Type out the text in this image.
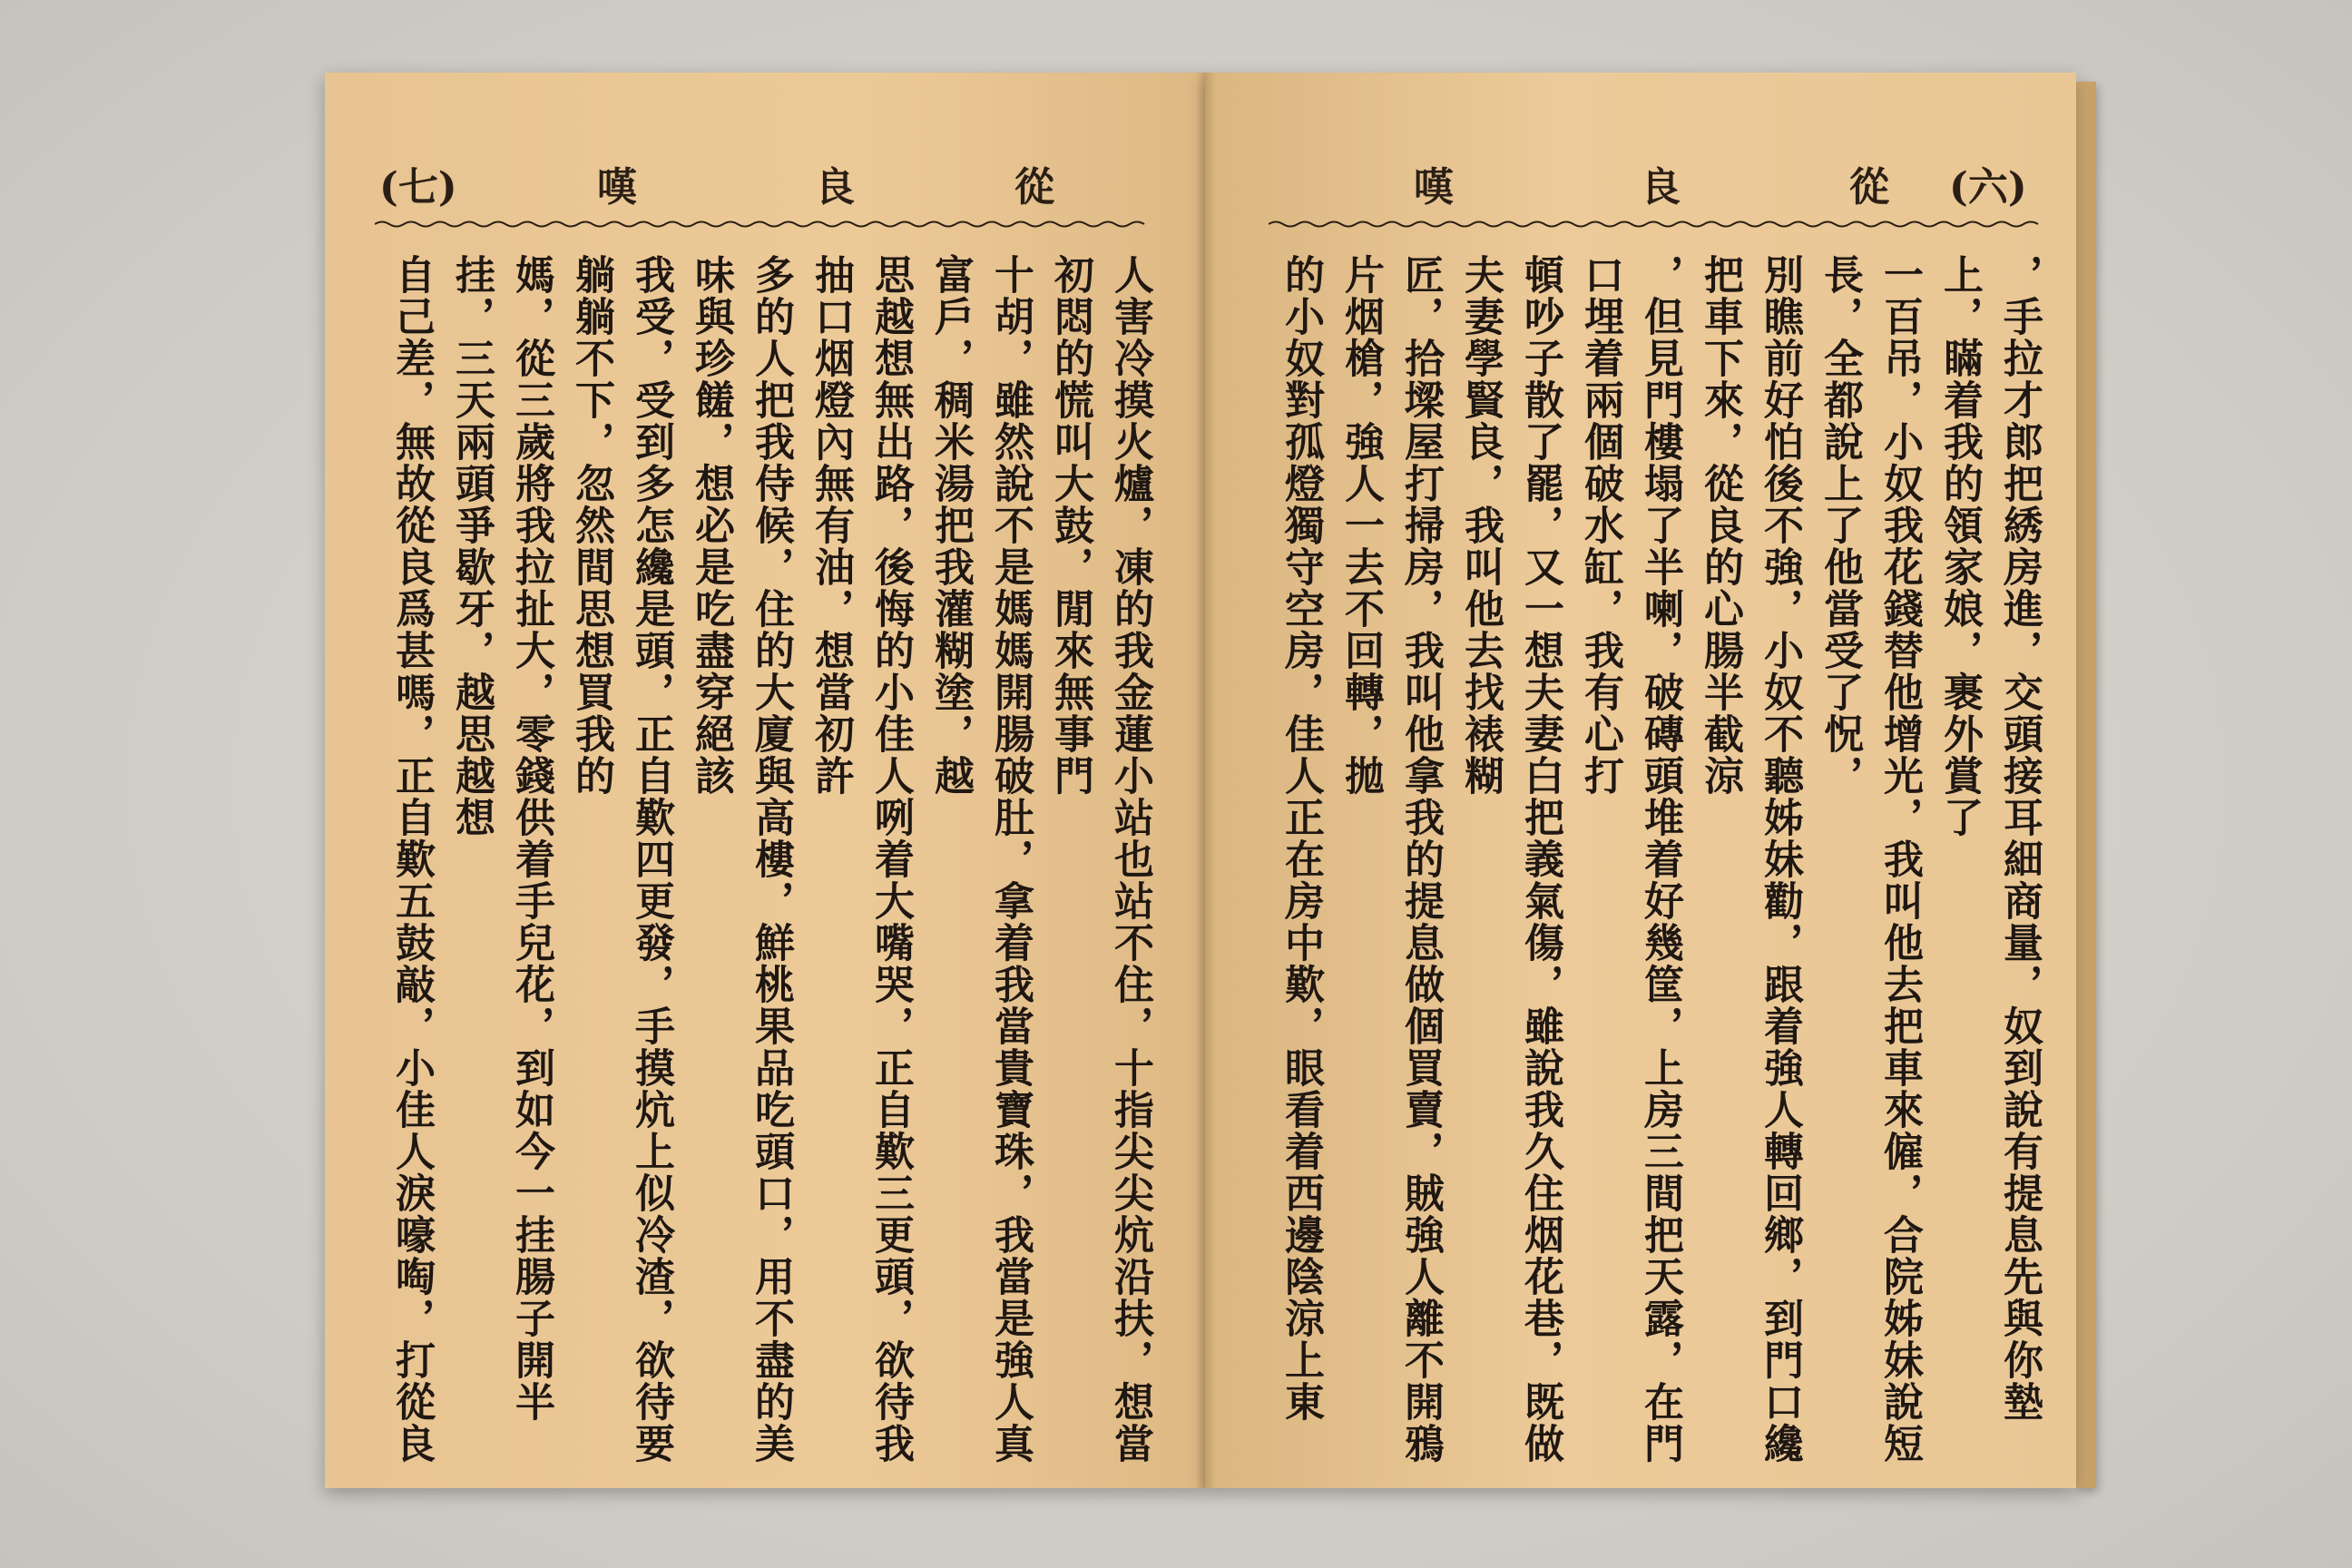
(七)	嘆	良	從

人害冷摸火爐，凍的我金蓮小站也站不住，十指尖尖炕沿扶，想當初悶的慌叫大鼓，閒來無事門

十胡，雖然說不是媽媽開腸破肚，拿着我當貴寶珠，我當是強人真富戶，稠米湯把我灌糊塗，越

思越想無出路，後悔的小佳人咧着大嘴哭，正自歎三更頭，欲待我抽口烟燈內無有油，想當初許

多的人把我侍候，住的大廈與高樓，鮮桃果品吃頭口，用不盡的美味與珍饈，想必是吃盡穿絕該

我受，受到多怎纔是頭，正自歎四更發，手摸炕上似冷渣，欲待要躺躺不下，忽然間思想買我的

媽，從三歲將我拉扯大，零錢供着手兒花，到如今一挂腸子開半挂，三天兩頭爭歇牙，越思越想

自己差，無故從良爲甚嗎，正自歎五鼓敲，小佳人淚嚎啕，打從良

嘆	良	從 (六)

，手拉才郎把綉房進，交頭接耳細商量，奴到說有提息先與你墊上，瞞着我的領家娘，裹外賞了

一百吊，小奴我花錢替他增光，我叫他去把車來僱，合院姊妹說短長，全都說上了他當受了怳，

別瞧前好怕後不強，小奴不聽姊妹勸，跟着強人轉回鄉，到門口纔把車下來，從良的心腸半截涼

，但見門樓塌了半喇，破磚頭堆着好幾筐，上房三間把天露，在門口埋着兩個破水缸，我有心打

頓吵子散了罷，又一想夫妻白把義氣傷，雖說我久住烟花巷，既做夫妻學賢良，我叫他去找裱糊

匠，拾墚屋打掃房，我叫他拿我的提息做個買賣，賊強人離不開鴉片烟槍，強人一去不回轉，拋

的小奴對孤燈獨守空房，佳人正在房中歎，眼看着西邊陰涼上東
